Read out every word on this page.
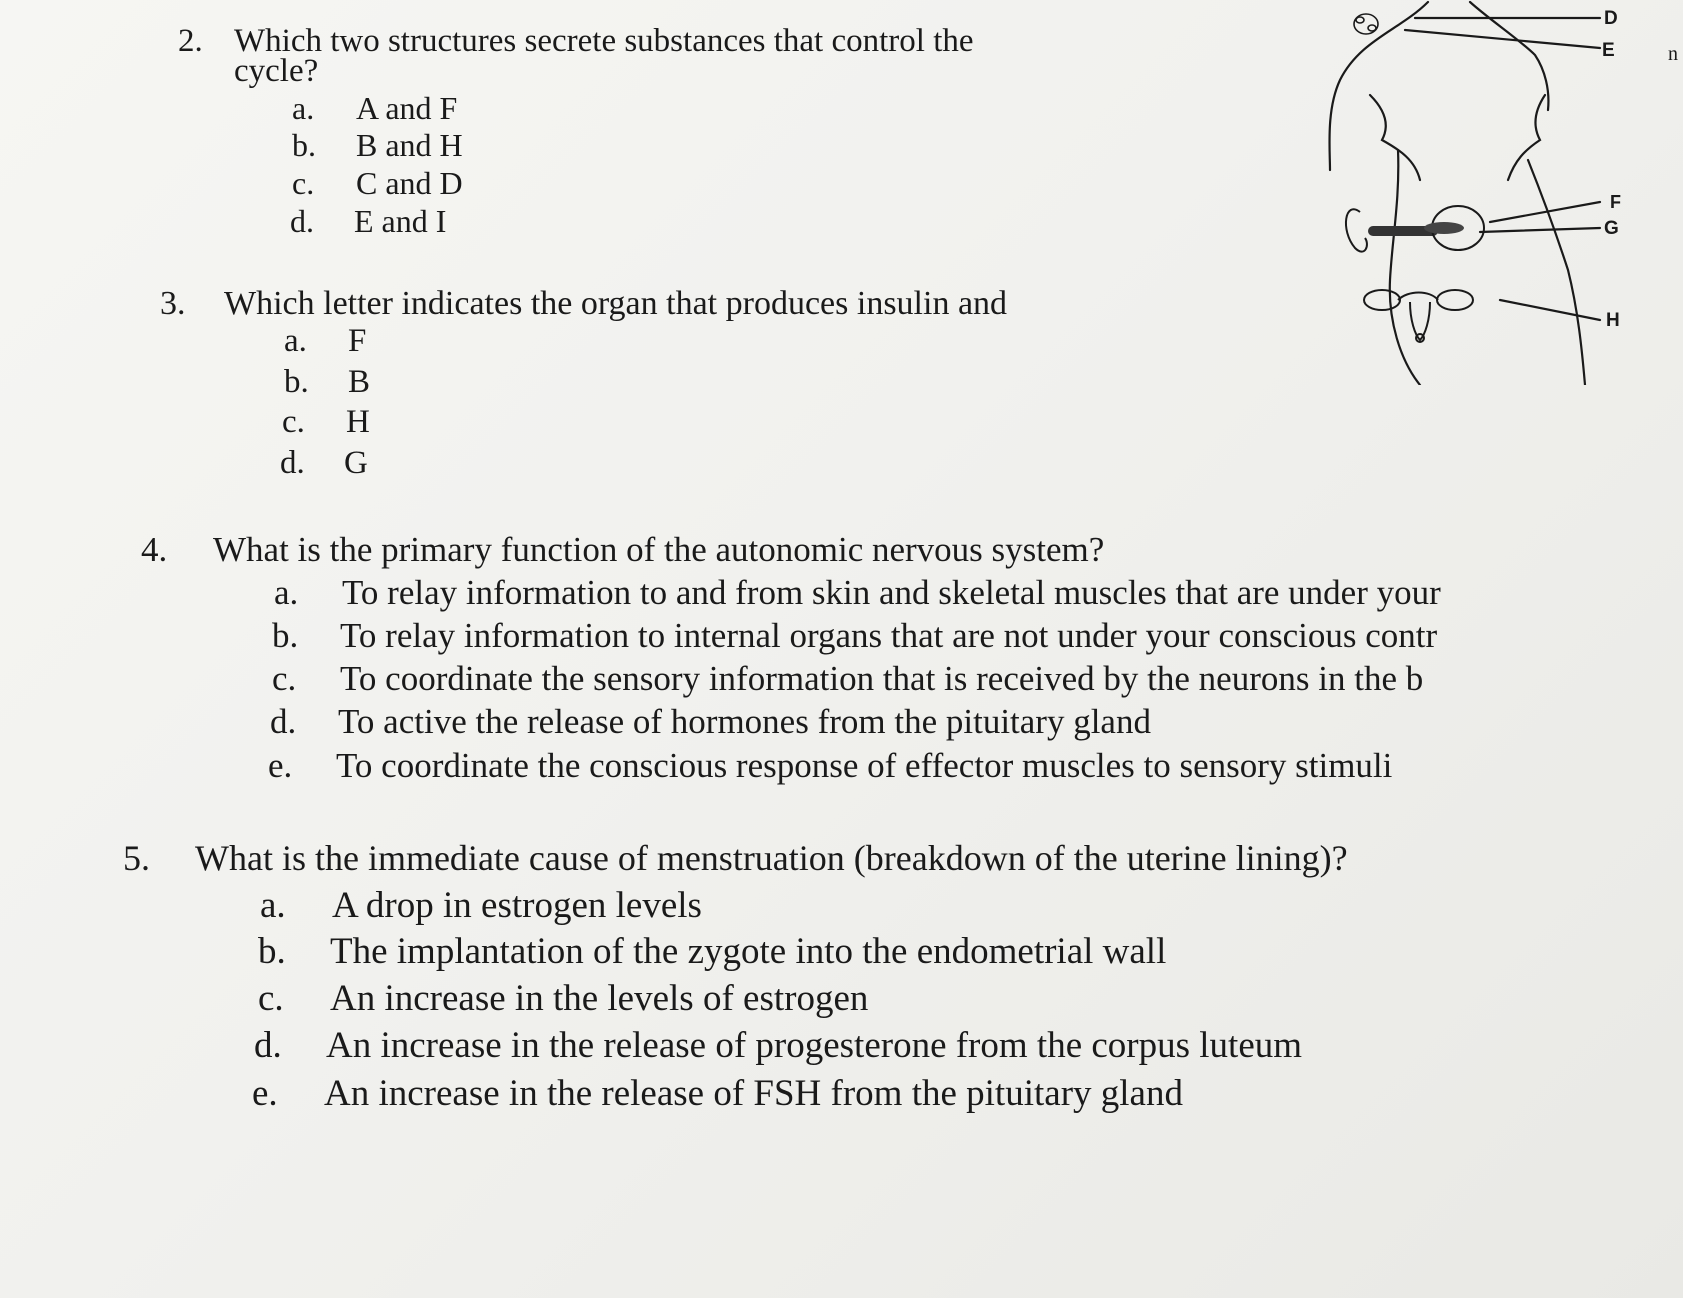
2. Which two structures secrete substances that control the
cycle?
a. A and F
b. B and H
c. C and D
d. E and I
3. Which letter indicates the organ that produces insulin and
a. F
b. B
c. H
d. G
4. What is the primary function of the autonomic nervous system?
a. To relay information to and from skin and skeletal muscles that are under your
b. To relay information to internal organs that are not under your conscious contr
c. To coordinate the sensory information that is received by the neurons in the b
d. To active the release of hormones from the pituitary gland
e. To coordinate the conscious response of effector muscles to sensory stimuli
5. What is the immediate cause of menstruation (breakdown of the uterine lining)?
a. A drop in estrogen levels
b. The implantation of the zygote into the endometrial wall
c. An increase in the levels of estrogen
d. An increase in the release of progesterone from the corpus luteum
e. An increase in the release of FSH from the pituitary gland
D
E	n
F
G
H
